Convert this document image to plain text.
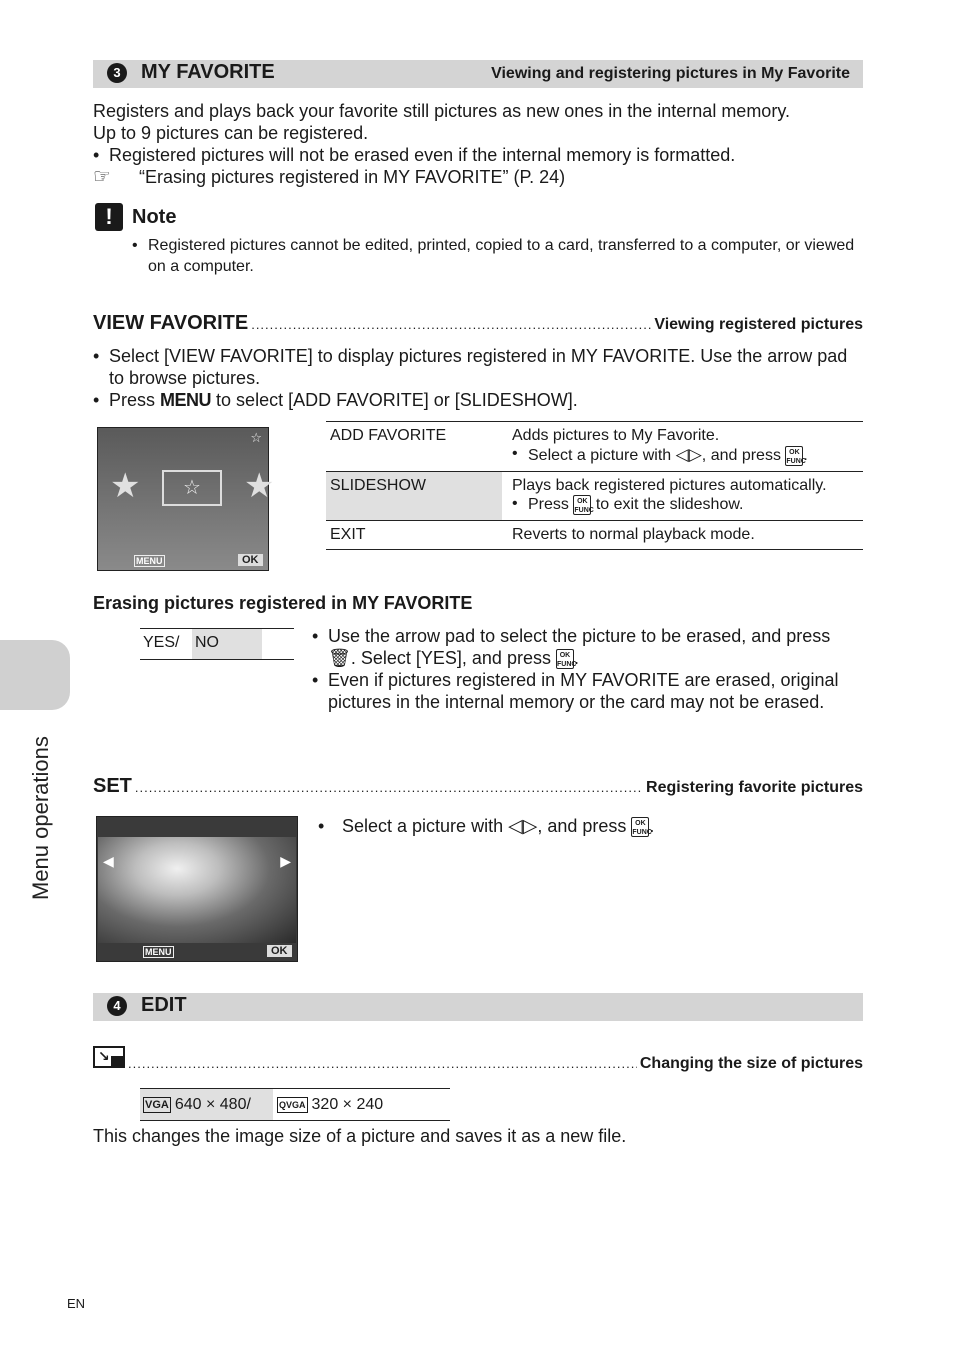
Menu operations
3	MY FAVORITE	Viewing and registering pictures in My Favorite
Registers and plays back your favorite still pictures as new ones in the internal memory.
Up to 9 pictures can be registered.
• Registered pictures will not be erased even if the internal memory is formatted.
☞	“Erasing pictures registered in MY FAVORITE” (P. 24)
! Note
• Registered pictures cannot be edited, printed, copied to a card, transferred to a computer, or viewed on a computer.
VIEW FAVORITE .....	Viewing registered pictures
• Select [VIEW FAVORITE] to display pictures registered in MY FAVORITE. Use the arrow pad to browse pictures.
• Press MENU to select [ADD FAVORITE] or [SLIDESHOW].
☆
★	☆	★
MENU	OK
ADD FAVORITE	Adds pictures to My Favorite.
• Select a picture with ◁▷, and press OK
FUNC.

SLIDESHOW	Plays back registered pictures automatically.
• Press OK
FUNC to exit the slideshow.

EXIT	Reverts to normal playback mode.
Erasing pictures registered in MY FAVORITE
YES/ NO	• Use the arrow pad to select the picture to be erased, and press 🗑. Select [YES], and press OK
FUNC.
• Even if pictures registered in MY FAVORITE are erased, original pictures in the internal memory or the card may not be erased.
SET .....	Registering favorite pictures
◀	▶
MENU	OK
• Select a picture with ◁▷, and press OK
FUNC.
4	EDIT
↘ .....	Changing the size of pictures
VGA 640 × 480/	QVGA 320 × 240
This changes the image size of a picture and saves it as a new file.
EN
